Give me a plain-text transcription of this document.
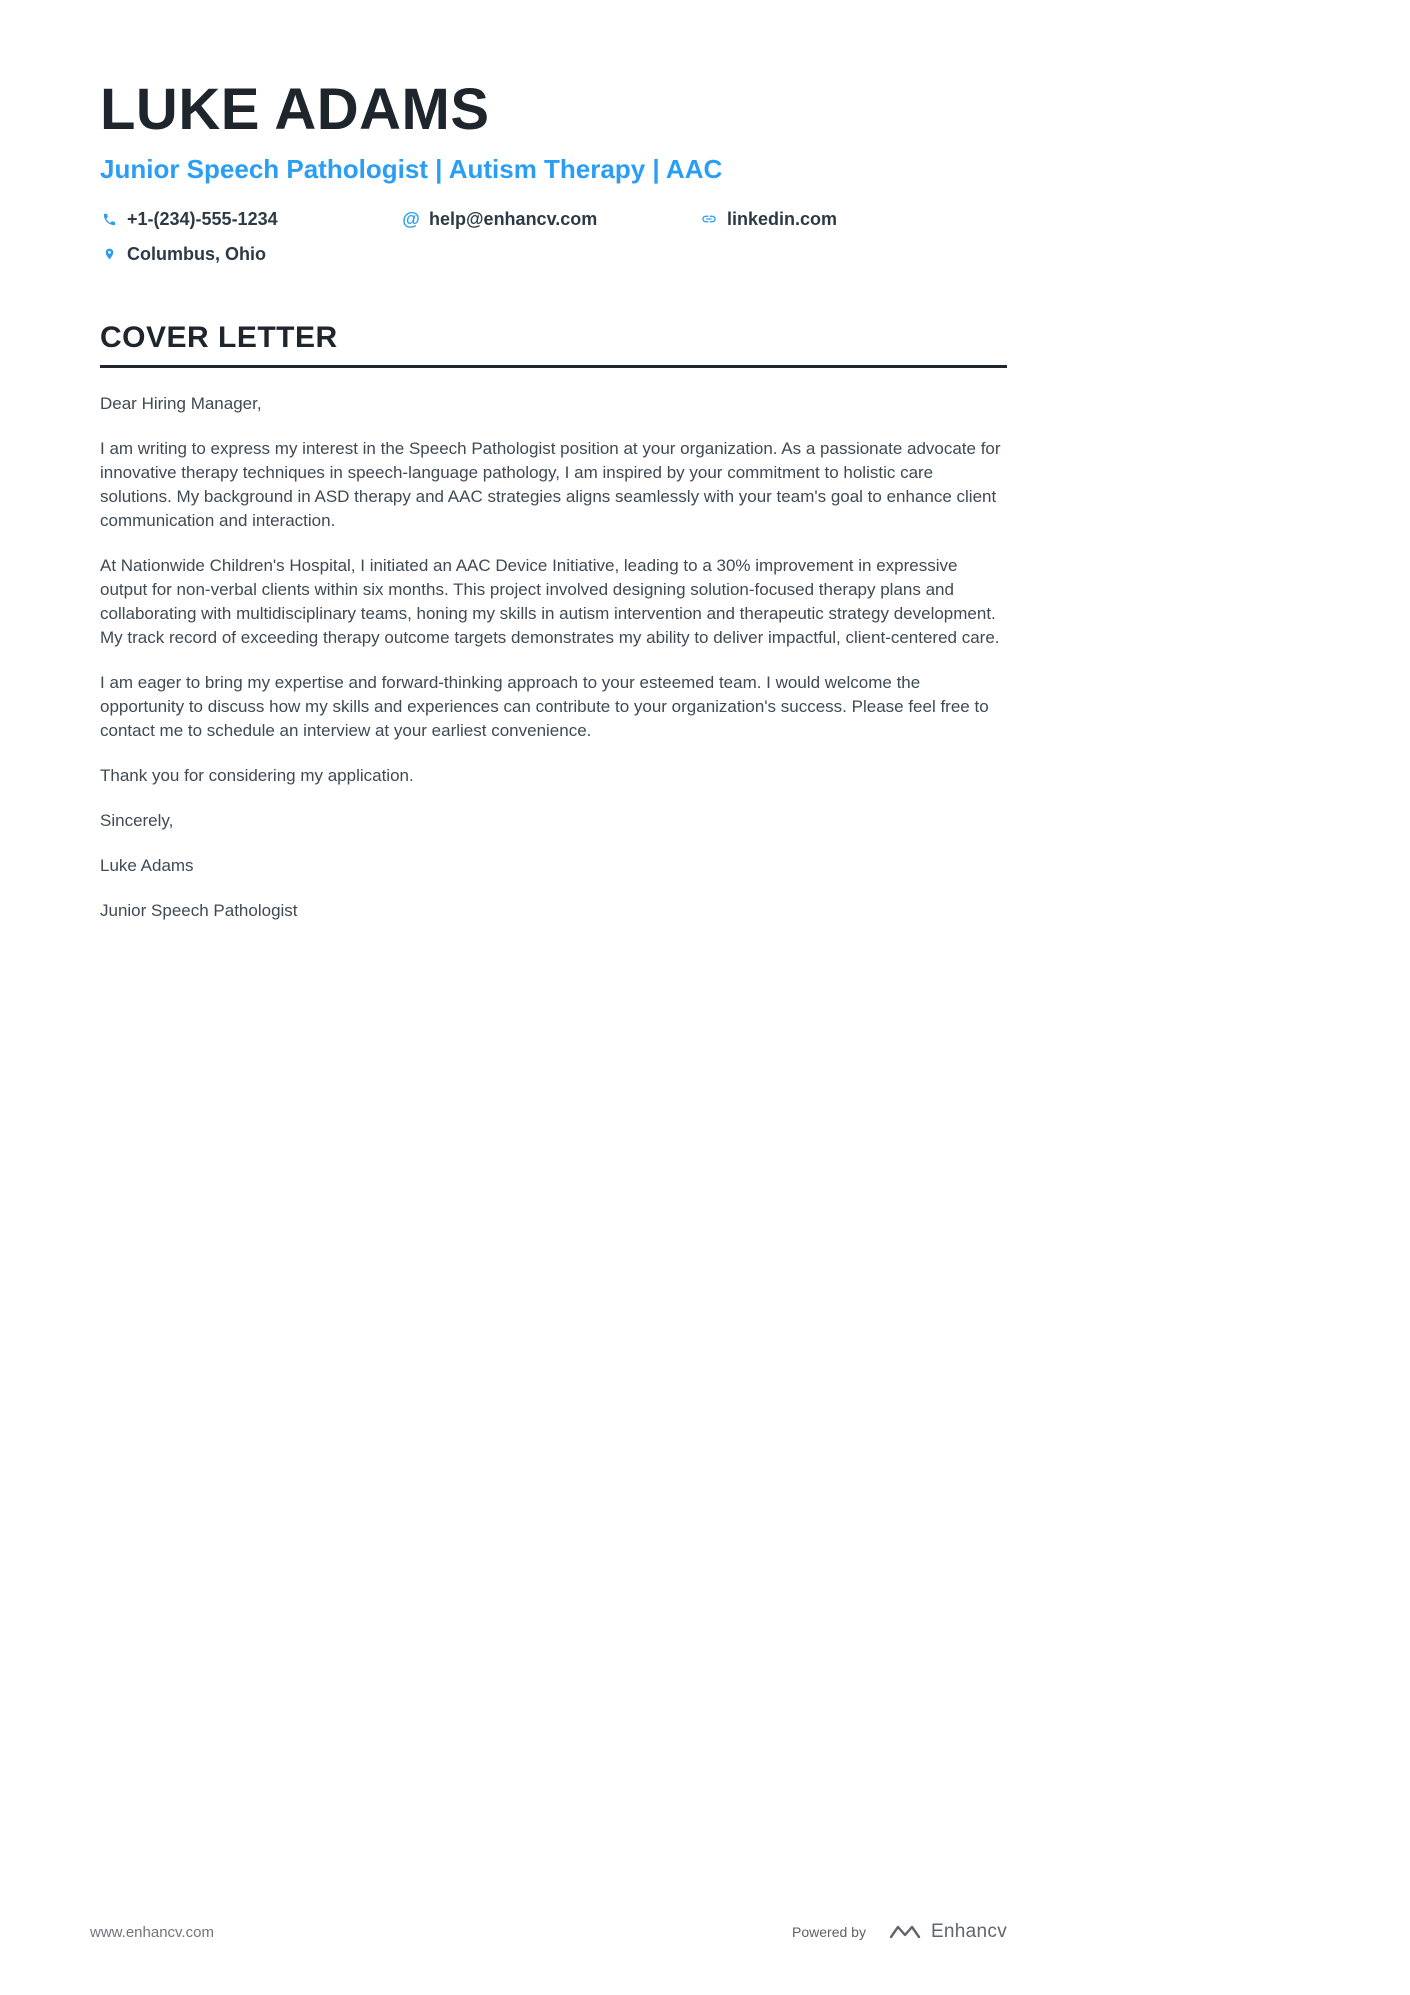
LUKE ADAMS
Junior Speech Pathologist | Autism Therapy | AAC
+1-(234)-555-1234	@ help@enhancv.com	linkedin.com
Columbus, Ohio
COVER LETTER

Dear Hiring Manager,

I am writing to express my interest in the Speech Pathologist position at your organization. As a passionate advocate for innovative therapy techniques in speech-language pathology, I am inspired by your commitment to holistic care solutions. My background in ASD therapy and AAC strategies aligns seamlessly with your team's goal to enhance client communication and interaction.

At Nationwide Children's Hospital, I initiated an AAC Device Initiative, leading to a 30% improvement in expressive output for non-verbal clients within six months. This project involved designing solution-focused therapy plans and collaborating with multidisciplinary teams, honing my skills in autism intervention and therapeutic strategy development. My track record of exceeding therapy outcome targets demonstrates my ability to deliver impactful, client-centered care.

I am eager to bring my expertise and forward-thinking approach to your esteemed team. I would welcome the opportunity to discuss how my skills and experiences can contribute to your organization's success. Please feel free to contact me to schedule an interview at your earliest convenience.

Thank you for considering my application.

Sincerely,

Luke Adams

Junior Speech Pathologist

www.enhancv.com	Powered by	Enhancv
